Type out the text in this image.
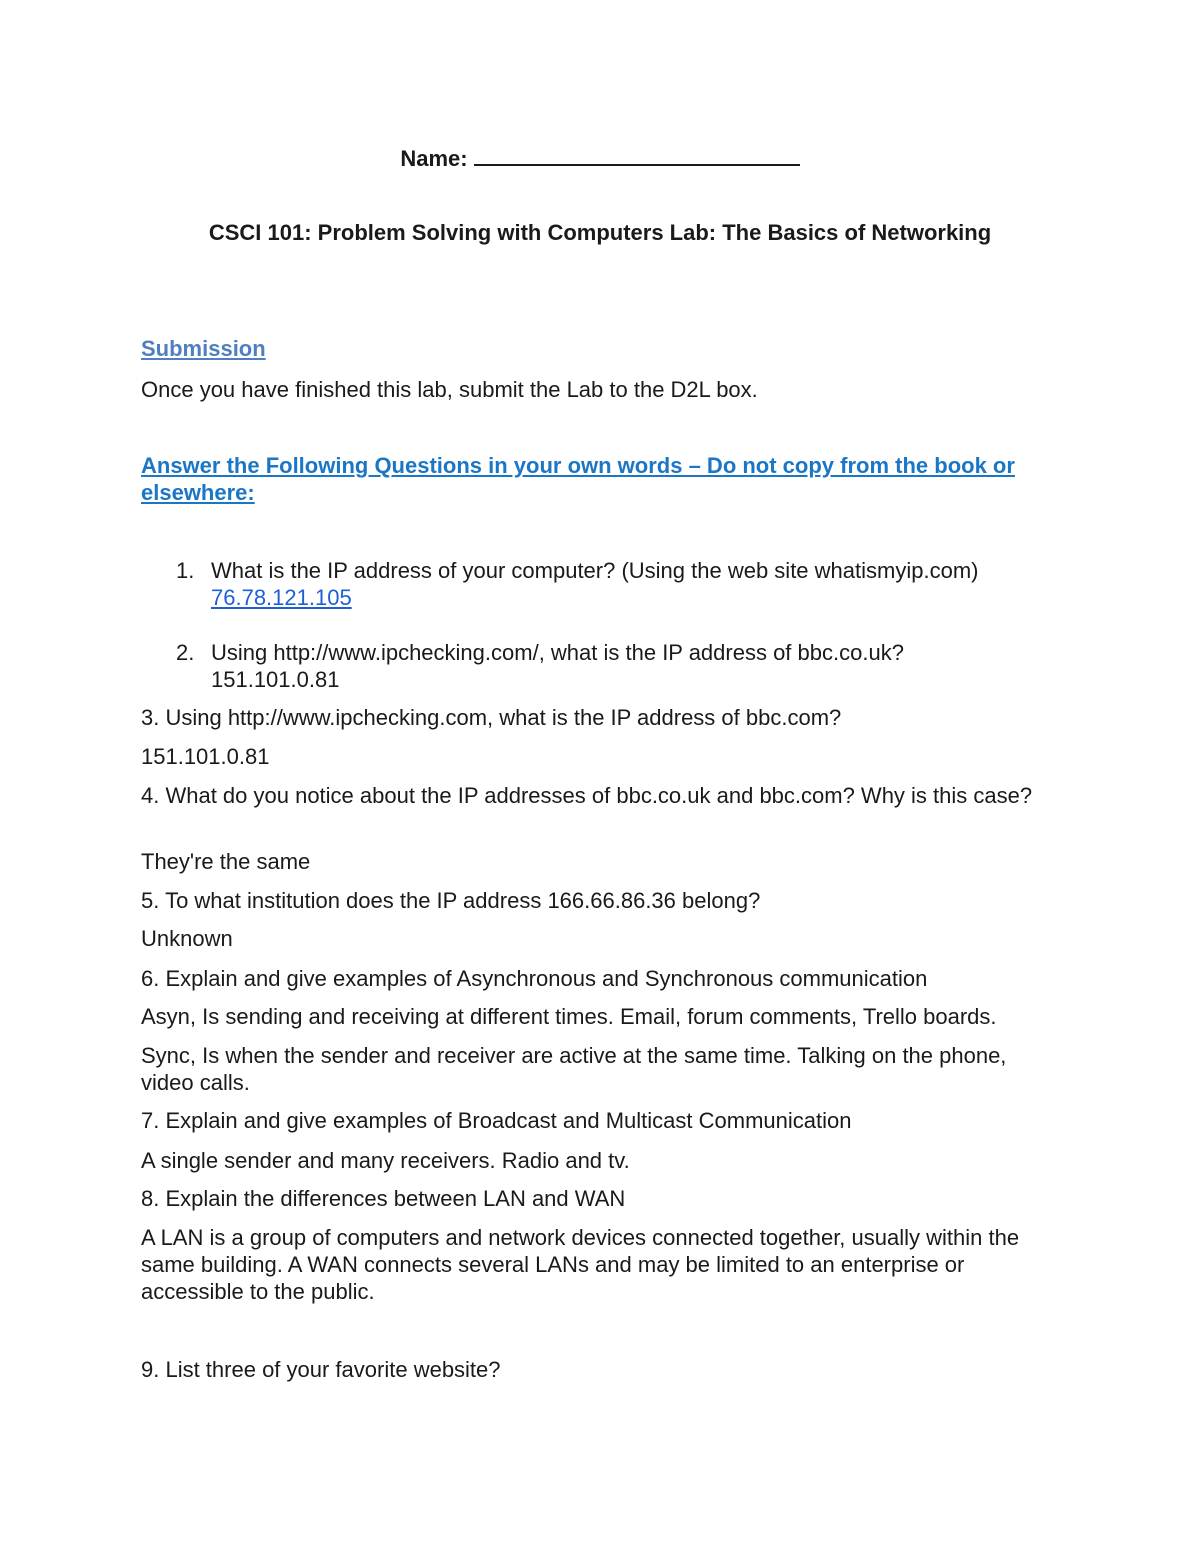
Name:
CSCI 101: Problem Solving with Computers Lab: The Basics of Networking
Submission
Once you have finished this lab, submit the Lab to the D2L box.
Answer the Following Questions in your own words – Do not copy from the book or elsewhere:
1. What is the IP address of your computer? (Using the web site whatismyip.com)
76.78.121.105
2. Using http://www.ipchecking.com/, what is the IP address of bbc.co.uk?
151.101.0.81
3. Using http://www.ipchecking.com, what is the IP address of bbc.com?
151.101.0.81
4. What do you notice about the IP addresses of bbc.co.uk and bbc.com? Why is this case?
They're the same
5. To what institution does the IP address 166.66.86.36 belong?
Unknown
6. Explain and give examples of Asynchronous and Synchronous communication
Asyn, Is sending and receiving at different times. Email, forum comments, Trello boards.
Sync, Is when the sender and receiver are active at the same time. Talking on the phone, video calls.
7. Explain and give examples of Broadcast and Multicast Communication
A single sender and many receivers. Radio and tv.
8. Explain the differences between LAN and WAN
A LAN is a group of computers and network devices connected together, usually within the same building. A WAN connects several LANs and may be limited to an enterprise or accessible to the public.
9. List three of your favorite website?
